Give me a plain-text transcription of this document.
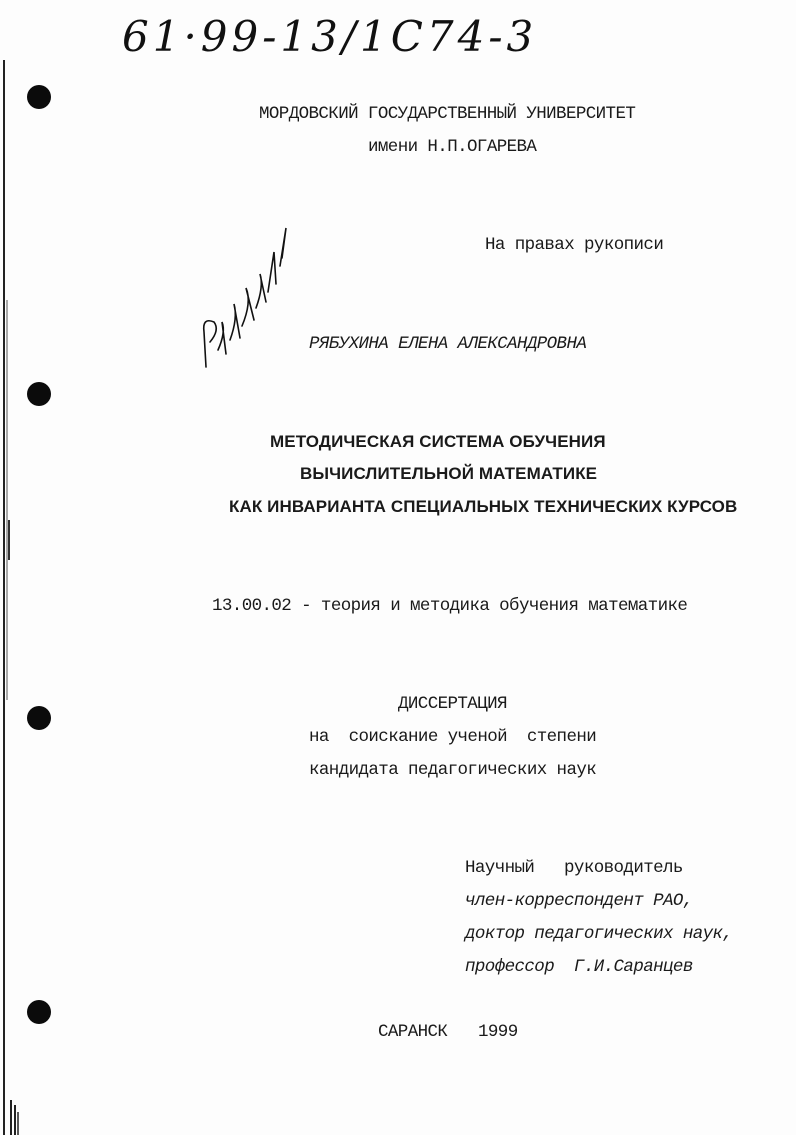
61·99-13/1С74-3
МОРДОВСКИЙ ГОСУДАРСТВЕННЫЙ УНИВЕРСИТЕТ
имени Н.П.ОГАРЕВА
На правах рукописи
РЯБУХИНА ЕЛЕНА АЛЕКСАНДРОВНА
МЕТОДИЧЕСКАЯ СИСТЕМА ОБУЧЕНИЯ
ВЫЧИСЛИТЕЛЬНОЙ МАТЕМАТИКЕ
КАК ИНВАРИАНТА СПЕЦИАЛЬНЫХ ТЕХНИЧЕСКИХ КУРСОВ
13.00.02 - теория и методика обучения математике
ДИССЕРТАЦИЯ
на  соискание ученой  степени
кандидата педагогических наук
Научный   руководитель
член-корреспондент РАО,
доктор педагогических наук,
профессор  Г.И.Саранцев
САРАНСК 1999
